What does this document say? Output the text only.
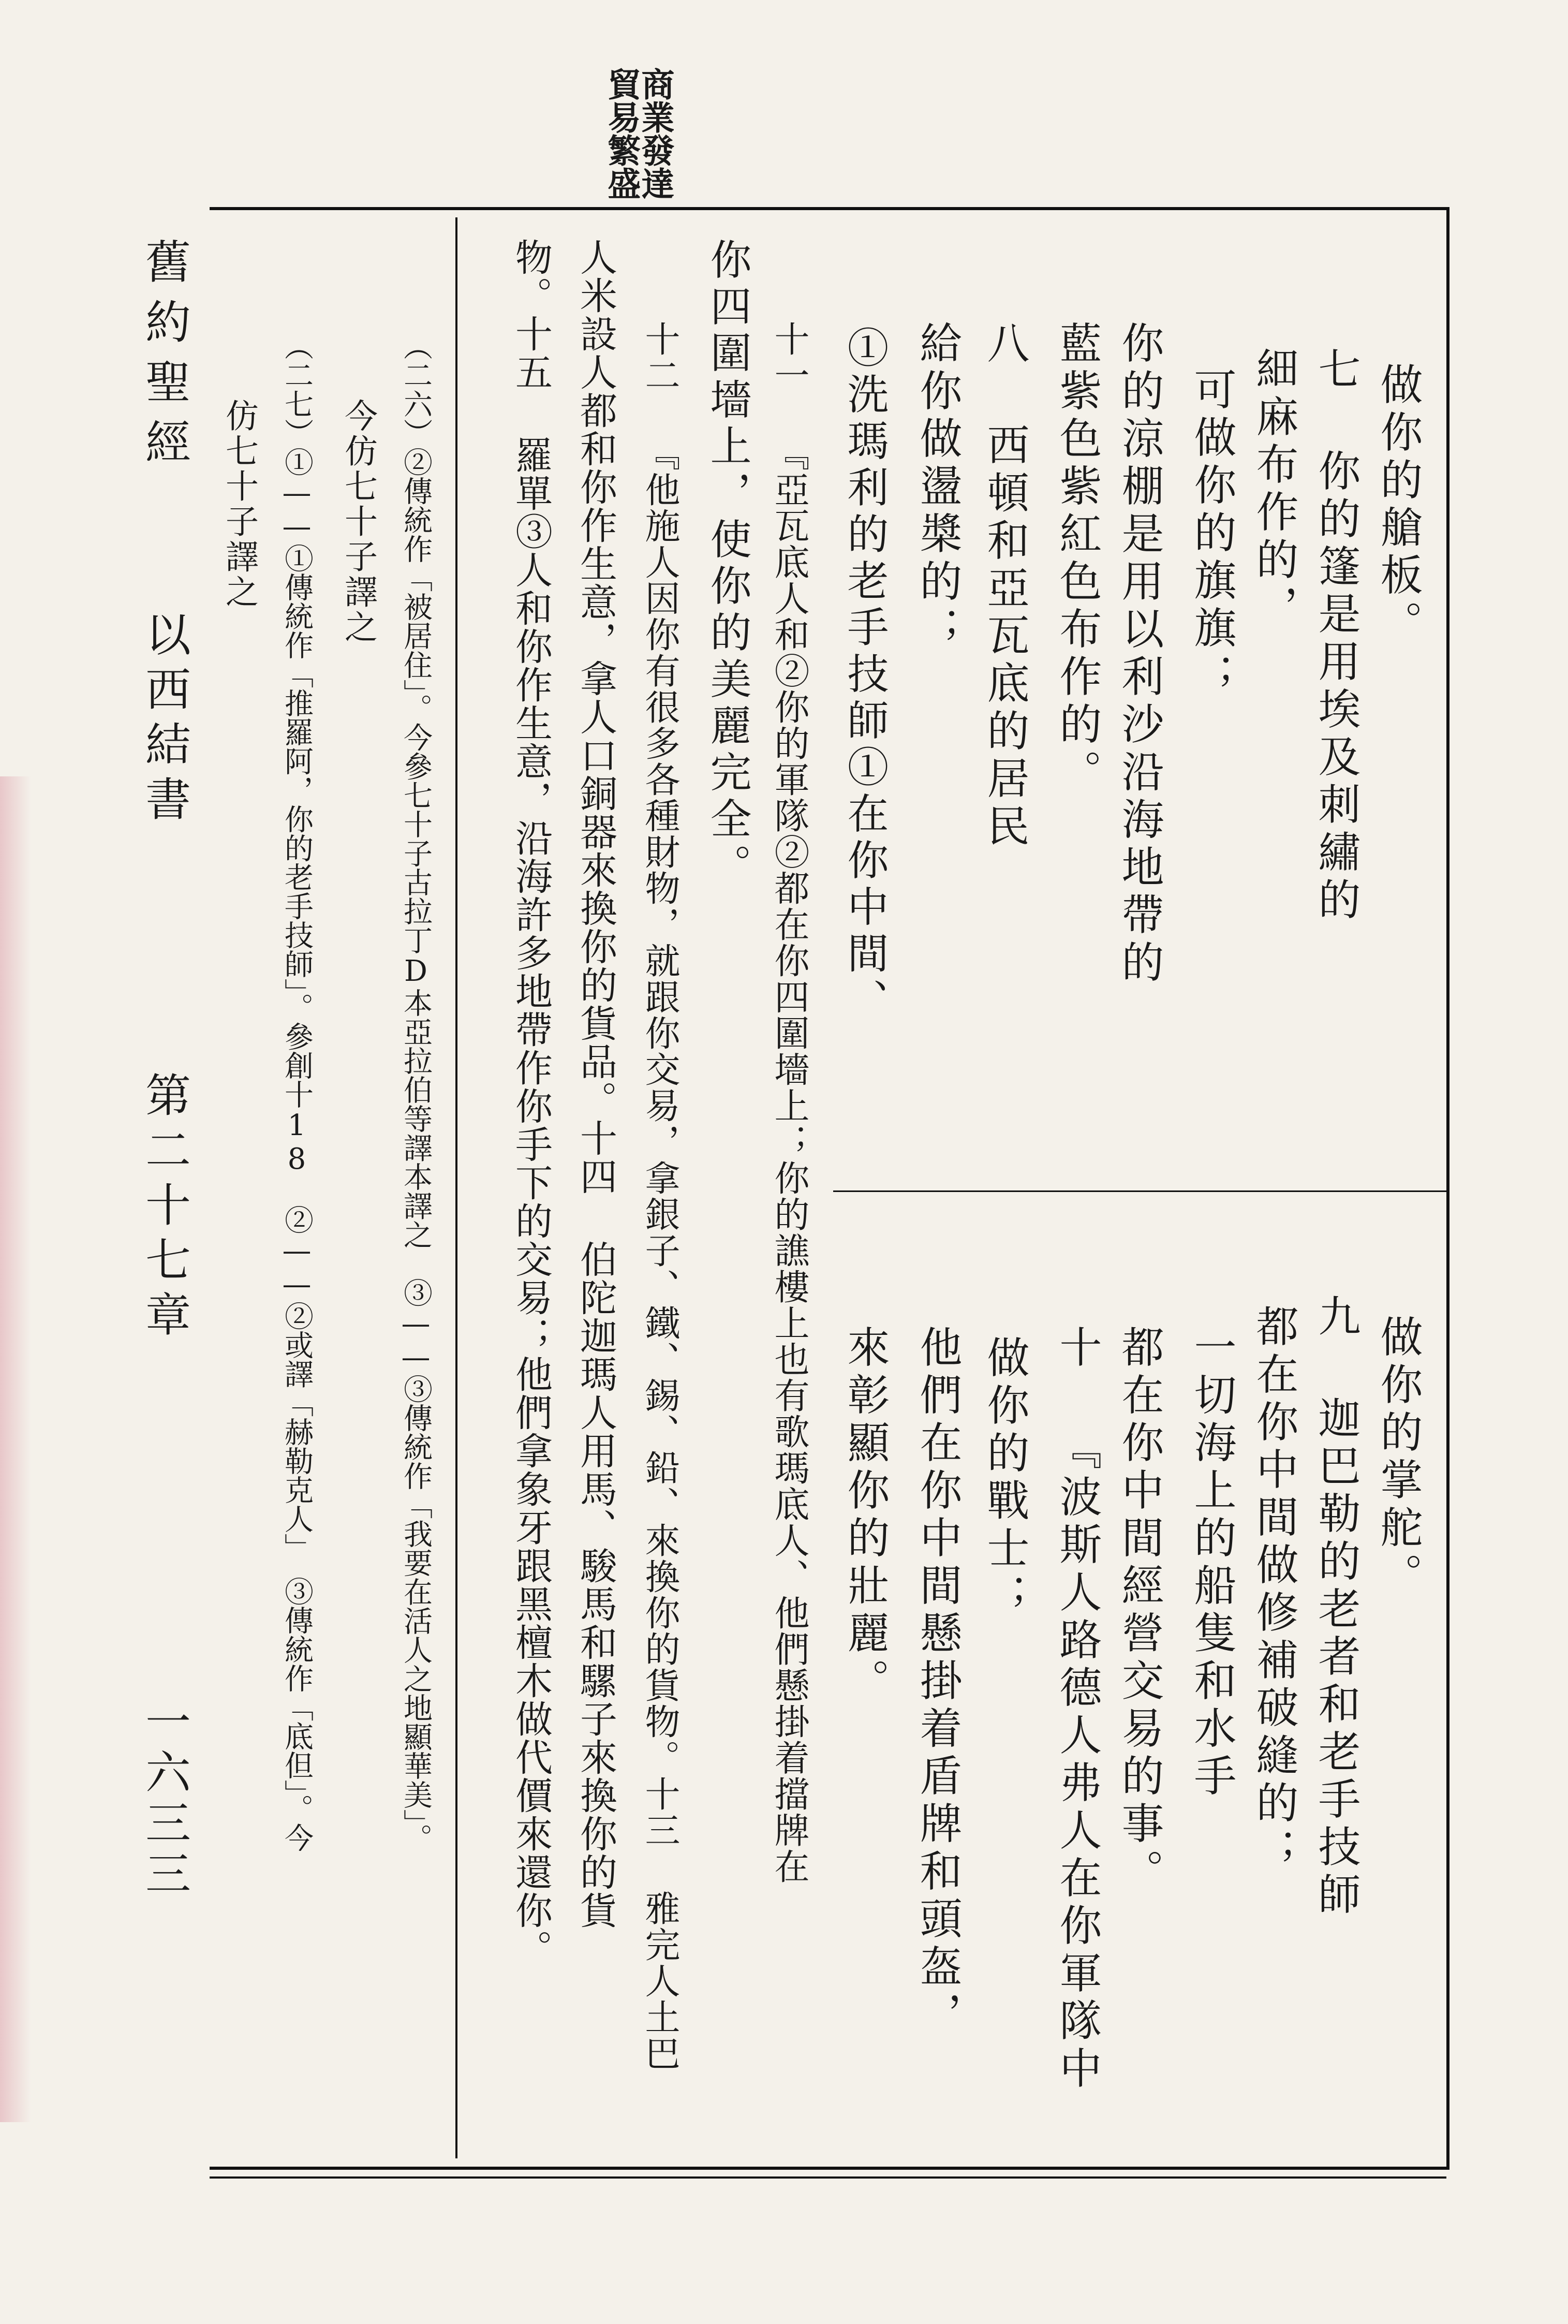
商業發達
貿易繁盛
舊約聖經
以西結書
第二十七章
一六三三
做你的艙板。
七 你的篷是用埃及刺繡的
細麻布作的，
可做你的旗旗；
你的涼棚是用以利沙沿海地帶的
藍紫色紫紅色布作的。
八 西頓和亞瓦底的居民
給你做盪槳的；
做你的掌舵。
九 迦巴勒的老者和老手技師
都在你中間做修補破縫的；
一切海上的船隻和水手
都在你中間經營交易的事。
十 『波斯人路德人弗人在你軍隊中
做你的戰士；
他們在你中間懸掛着盾牌和頭盔，
來彰顯你的壯麗。
①洗瑪利的老手技師①在你中間、
十一 『亞瓦底人和②你的軍隊②都在你四圍墻上；你的譙樓上也有歌瑪底人、他們懸掛着擋牌在
你四圍墻上，使你的美麗完全。
十二 『他施人因你有很多各種財物，就跟你交易，拿銀子、鐵、錫、鉛、來換你的貨物。十三 雅完人土巴
人米設人都和你作生意，拿人口銅器來換你的貨品。十四 伯陀迦瑪人用馬、駿馬和騾子來換你的貨
物。十五 羅單③人和你作生意，沿海許多地帶作你手下的交易；他們拿象牙跟黑檀木做代價來還你。
（二六）②傳統作「被居住」。今參七十子古拉丁D本亞拉伯等譯本譯之　③——③傳統作「我要在活人之地顯華美」。
今仿七十子譯之
（二七）①——①傳統作「推羅阿，你的老手技師」。參創十18　②——②或譯「赫勒克人」　③傳統作「底但」。今
仿七十子譯之
